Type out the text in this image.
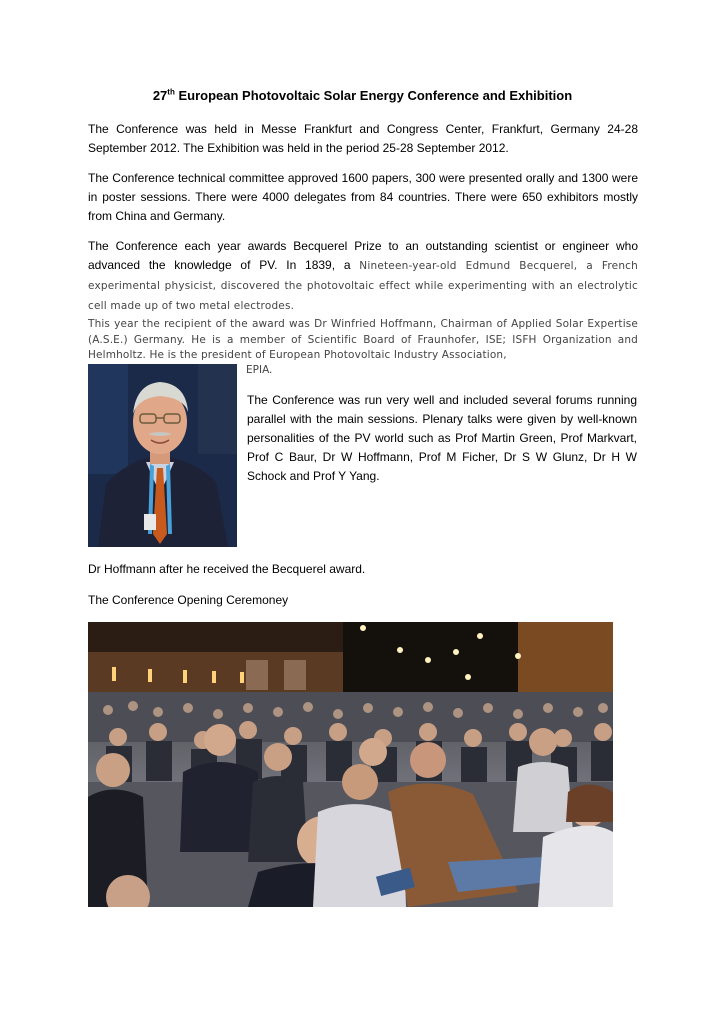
27th European Photovoltaic Solar Energy Conference and Exhibition
The Conference was held in Messe Frankfurt and Congress Center, Frankfurt, Germany 24-28 September 2012. The Exhibition was held in the period 25-28 September 2012.
The Conference technical committee approved 1600 papers, 300 were presented orally and 1300 were in poster sessions. There were 4000 delegates from 84 countries. There were 650 exhibitors mostly from China and Germany.
The Conference each year awards Becquerel Prize to an outstanding scientist or engineer who advanced the knowledge of PV. In 1839, a Nineteen-year-old Edmund Becquerel, a French experimental physicist, discovered the photovoltaic effect while experimenting with an electrolytic cell made up of two metal electrodes.
This year the recipient of the award was Dr Winfried Hoffmann, Chairman of Applied Solar Expertise (A.S.E.) Germany. He is a member of Scientific Board of Fraunhofer, ISE; ISFH Organization and Helmholtz. He is the president of European Photovoltaic Industry Association,
EPIA.
The Conference was run very well and included several forums running parallel with the main sessions. Plenary talks were given by well-known personalities of the PV world such as Prof Martin Green, Prof Markvart, Prof C Baur, Dr W Hoffmann, Prof M Ficher, Dr S W Glunz, Dr H W Schock and Prof Y Yang.
Dr Hoffmann after he received the Becquerel award.
The Conference Opening Ceremoney
